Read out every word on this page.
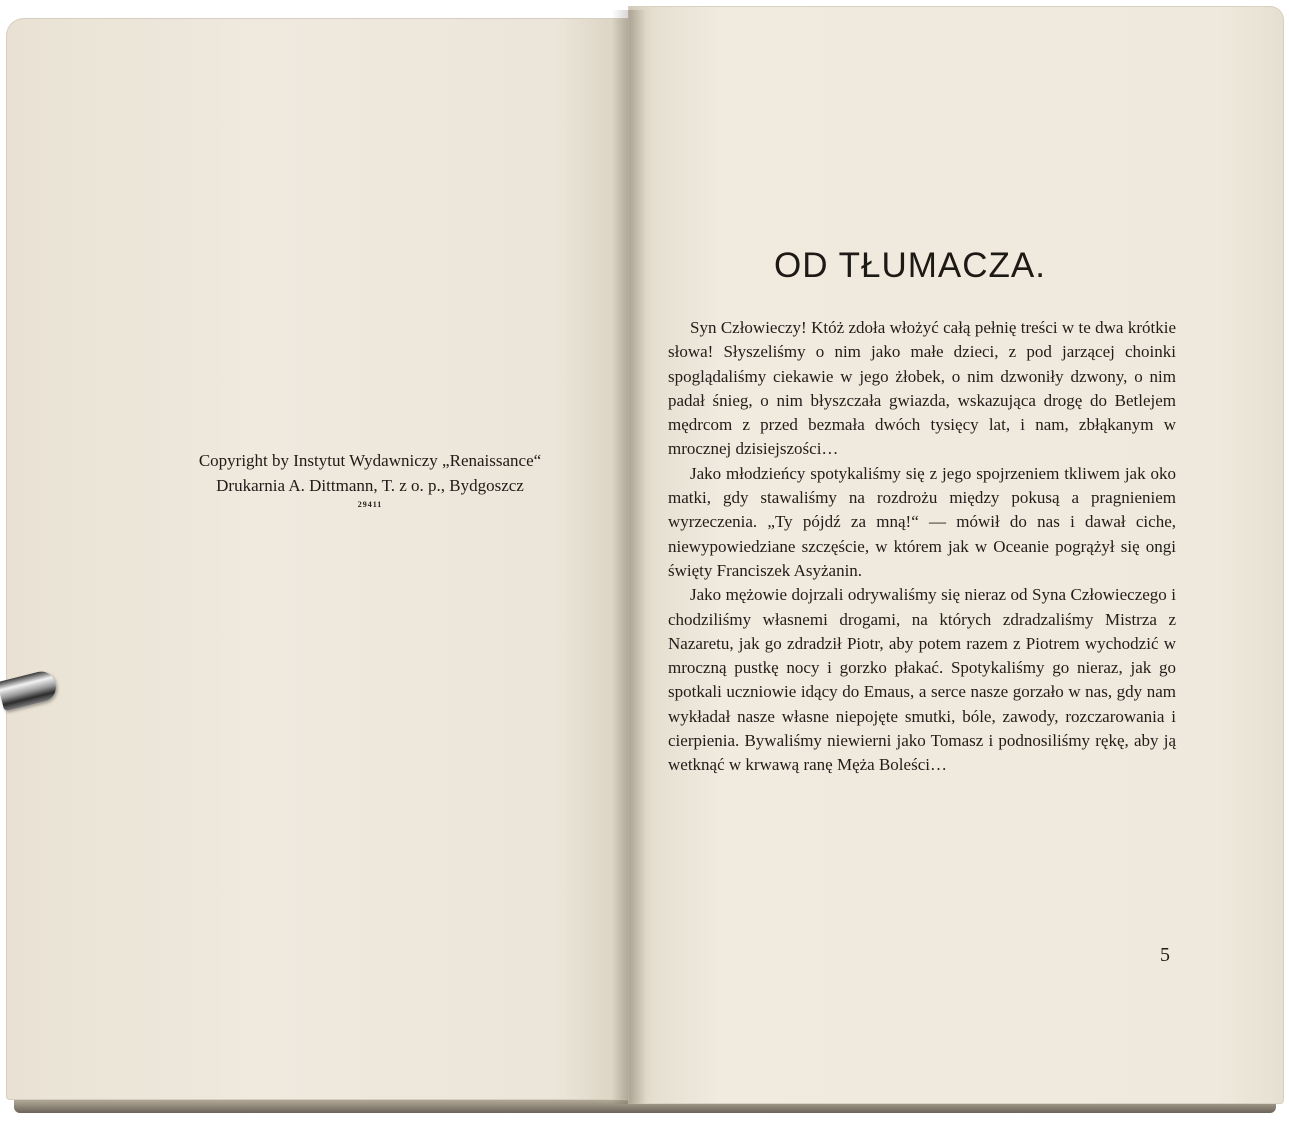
Copyright by Instytut Wydawniczy „Renaissance“
Drukarnia A. Dittmann, T. z o. p., Bydgoszcz
29411
OD TŁUMACZA.

Syn Człowieczy! Któż zdoła włożyć całą pełnię treści w te dwa krótkie słowa! Słyszeliśmy o nim jako małe dzieci, z pod jarzącej choinki spoglądaliśmy ciekawie w jego żłobek, o nim dzwoniły dzwony, o nim padał śnieg, o nim błyszczała gwiazda, wskazująca drogę do Betlejem mędrcom z przed bezmała dwóch tysięcy lat, i nam, zbłąkanym w mrocznej dzisiejszości…

Jako młodzieńcy spotykaliśmy się z jego spojrzeniem tkliwem jak oko matki, gdy stawaliśmy na rozdrożu między pokusą a pragnieniem wyrzeczenia. „Ty pójdź za mną!“ — mówił do nas i dawał ciche, niewypowiedziane szczęście, w którem jak w Oceanie pogrążył się ongi święty Franciszek Asyżanin.

Jako mężowie dojrzali odrywaliśmy się nieraz od Syna Człowieczego i chodziliśmy własnemi drogami, na których zdradzaliśmy Mistrza z Nazaretu, jak go zdradził Piotr, aby potem razem z Piotrem wychodzić w mroczną pustkę nocy i gorzko płakać. Spotykaliśmy go nieraz, jak go spotkali uczniowie idący do Emaus, a serce nasze gorzało w nas, gdy nam wykładał nasze własne niepojęte smutki, bóle, zawody, rozczarowania i cierpienia. Bywaliśmy niewierni jako Tomasz i podnosiliśmy rękę, aby ją wetknąć w krwawą ranę Męża Boleści…

5
